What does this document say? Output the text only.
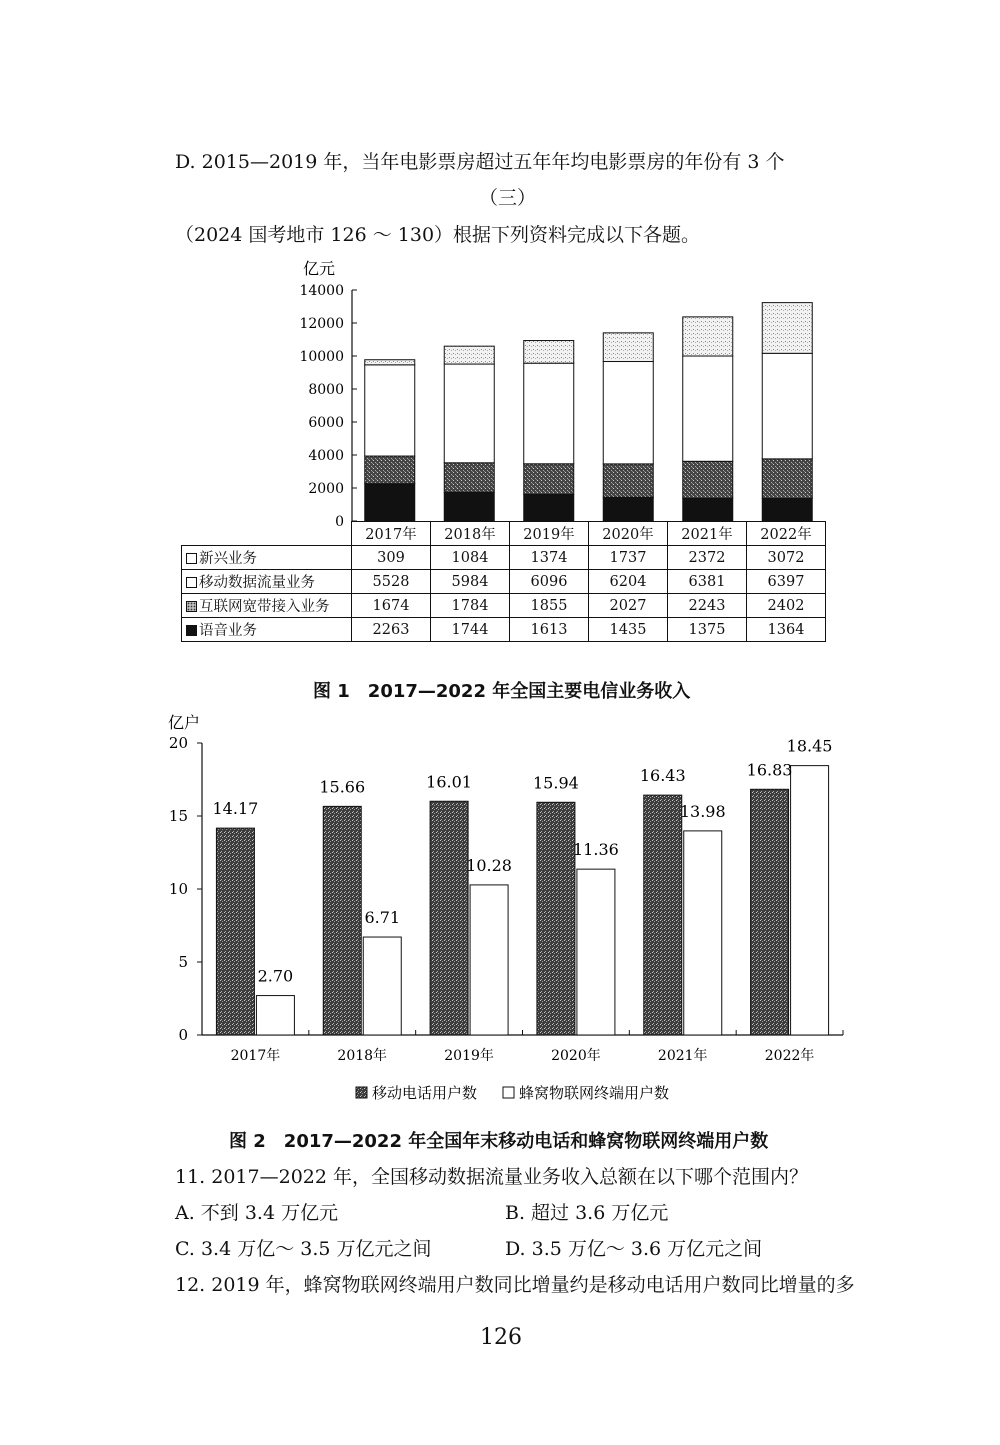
D. 2015—2019 年，当年电影票房超过五年年均电影票房的年份有 3 个
（三）
（2024 国考地市 126 ～ 130）根据下列资料完成以下各题。
亿元
0
2000
4000
6000
8000
10000
12000
14000
	2017年	2018年	2019年	2020年	2021年	2022年
新兴业务	309	1084	1374	1737	2372	3072
移动数据流量业务	5528	5984	6096	6204	6381	6397
互联网宽带接入业务	1674	1784	1855	2027	2243	2402
语音业务	2263	1744	1613	1435	1375	1364
图 1　2017—2022 年全国主要电信业务收入
亿户
0
5
10
15
20
2017年	2018年	2019年	2020年	2021年	2022年
14.17
2.70
15.66
6.71
16.01
10.28
15.94
11.36
16.43
13.98
16.83
18.45
移动电话用户数	蜂窝物联网终端用户数
图 2　2017—2022 年全国年末移动电话和蜂窝物联网终端用户数
11. 2017—2022 年，全国移动数据流量业务收入总额在以下哪个范围内？
A. 不到 3.4 万亿元	B. 超过 3.6 万亿元
C. 3.4 万亿～ 3.5 万亿元之间	D. 3.5 万亿～ 3.6 万亿元之间
12. 2019 年，蜂窝物联网终端用户数同比增量约是移动电话用户数同比增量的多
126
